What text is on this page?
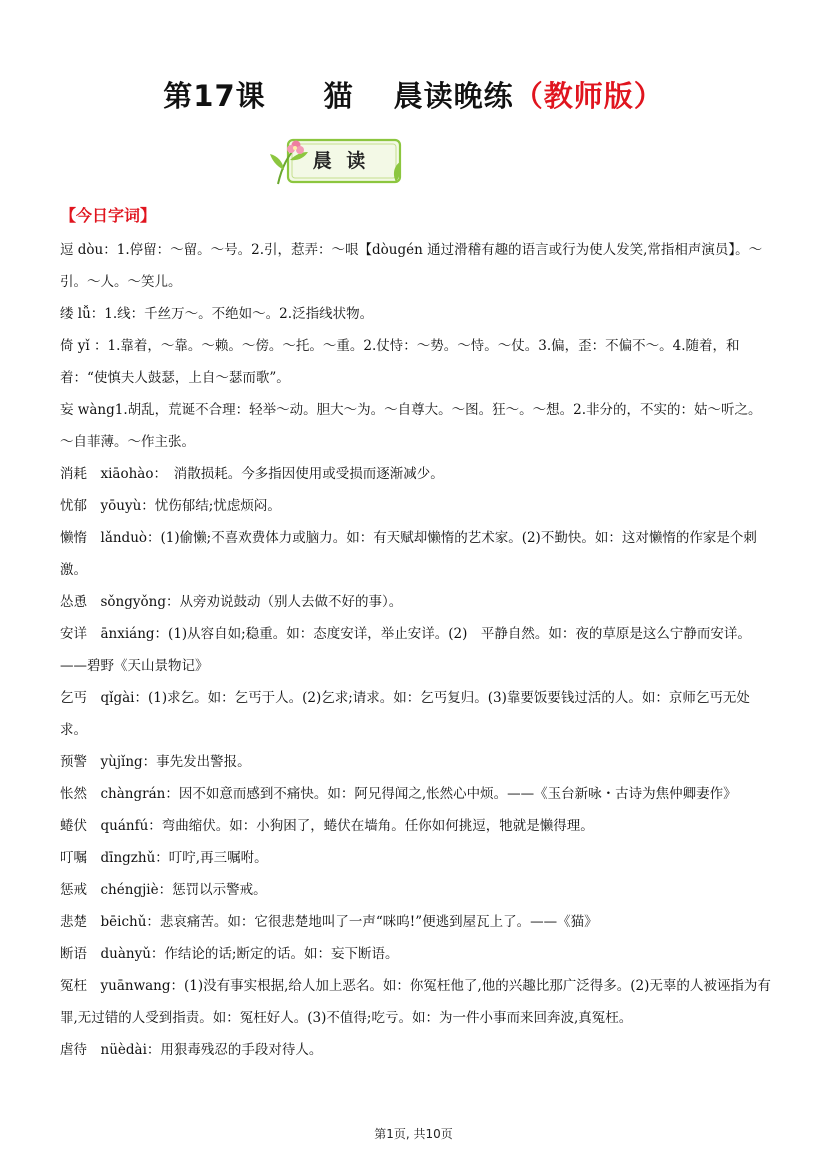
第17课 猫 晨读晚练（教师版）
晨 读
【今日字词】

逗 dòu：1.停留：～留。～号。2.引，惹弄：～哏【dòugén 通过滑稽有趣的语言或行为使人发笑,常指相声演员】。～引。～人。～笑儿。

缕 lǚ：1.线：千丝万～。不绝如～。2.泛指线状物。

倚 yǐ ：1.靠着，～靠。～赖。～傍。～托。～重。2.仗恃：～势。～恃。～仗。3.偏，歪：不偏不～。4.随着，和着：“使慎夫人鼓瑟，上自～瑟而歌”。

妄 wàng1.胡乱，荒诞不合理：轻举～动。胆大～为。～自尊大。～图。狂～。～想。2.非分的，不实的：姑～听之。～自菲薄。～作主张。

消耗　xiāohào：　消散损耗。今多指因使用或受损而逐渐减少。

忧郁　yōuyù：忧伤郁结;忧虑烦闷。

懒惰　lǎnduò：(1)偷懒;不喜欢费体力或脑力。如：有天赋却懒惰的艺术家。(2)不勤快。如：这对懒惰的作家是个刺激。

怂恿　sǒngyǒng：从旁劝说鼓动（别人去做不好的事）。

安详　ānxiáng：(1)从容自如;稳重。如：态度安详，举止安详。(2)　平静自然。如：夜的草原是这么宁静而安详。——碧野《天山景物记》

乞丐　qǐgài：(1)求乞。如：乞丐于人。(2)乞求;请求。如：乞丐复归。(3)靠要饭要钱过活的人。如：京师乞丐无处求。

预警　yùjǐng：事先发出警报。

怅然　chàngrán：因不如意而感到不痛快。如：阿兄得闻之,怅然心中烦。——《玉台新咏・古诗为焦仲卿妻作》

蜷伏　quánfú：弯曲缩伏。如：小狗困了，蜷伏在墙角。任你如何挑逗，牠就是懒得理。

叮嘱　dīngzhǔ：叮咛,再三嘱咐。

惩戒　chéngjiè：惩罚以示警戒。

悲楚　bēichǔ：悲哀痛苦。如：它很悲楚地叫了一声“咪呜!”便逃到屋瓦上了。——《猫》

断语　duànyǔ：作结论的话;断定的话。如：妄下断语。

冤枉　yuānwang：(1)没有事实根据,给人加上恶名。如：你冤枉他了,他的兴趣比那广泛得多。(2)无辜的人被诬指为有罪,无过错的人受到指责。如：冤枉好人。(3)不值得;吃亏。如：为一件小事而来回奔波,真冤枉。

虐待　nüèdài：用狠毒残忍的手段对待人。

第1页, 共10页
